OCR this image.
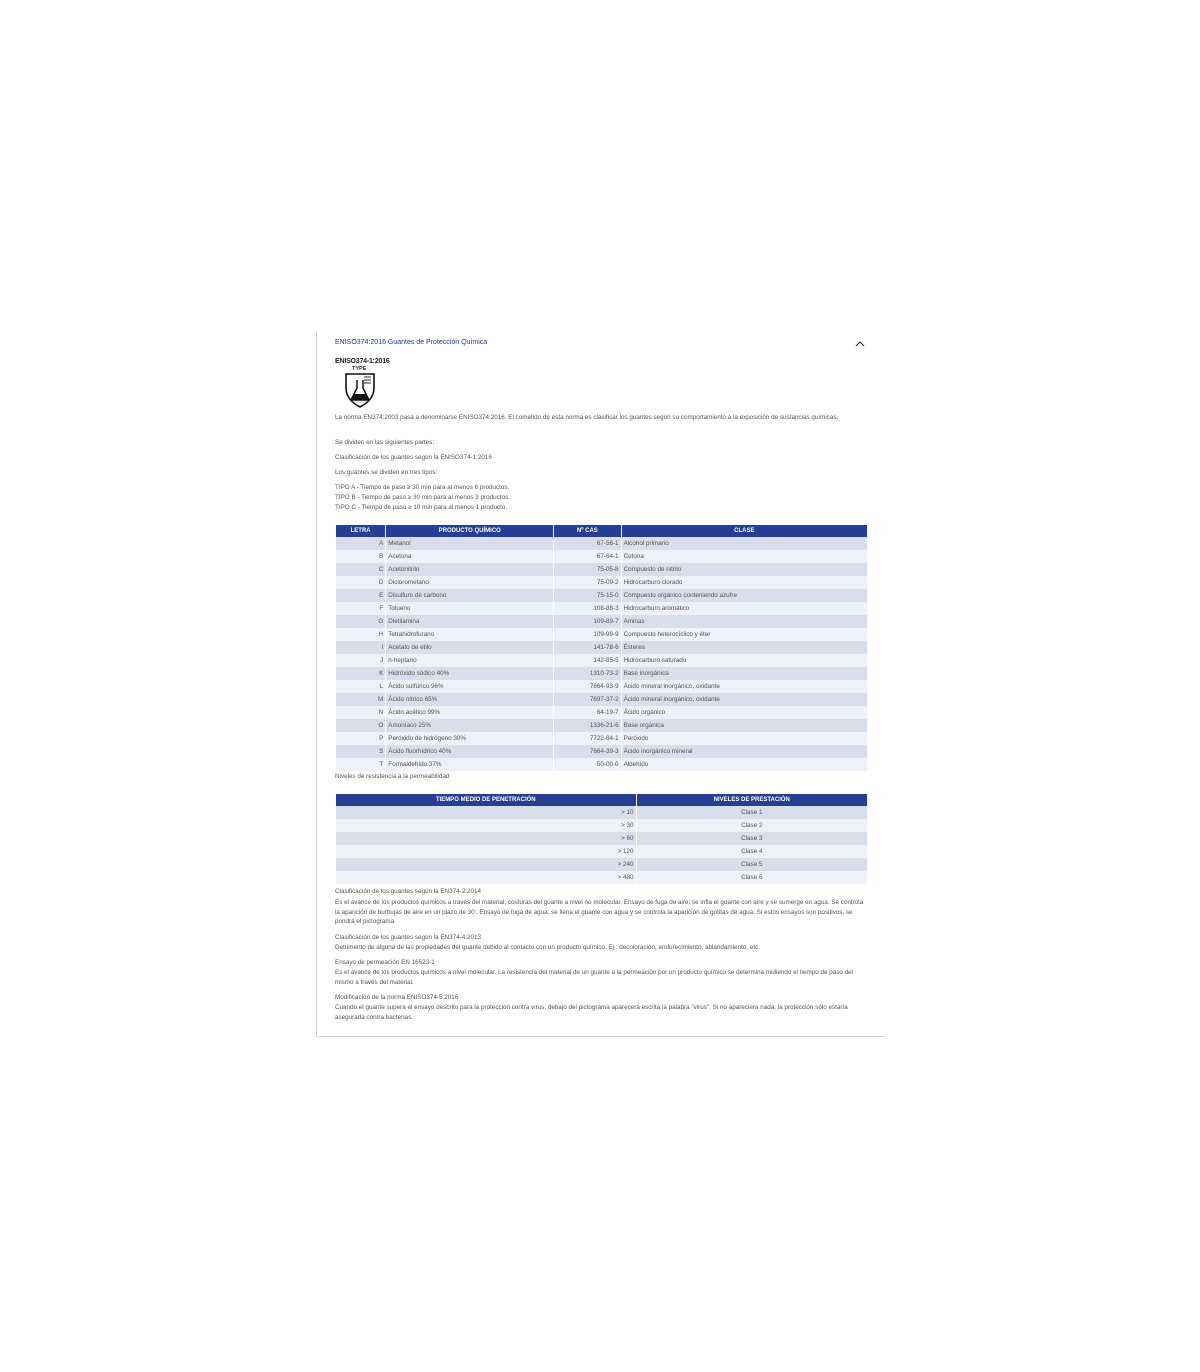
ENISO374:2016 Guantes de Protección Química
ENISO374-1:2016
TYPE

La norma EN374:2003 pasa a denominarse ENISO374:2016. El cometido de esta norma es clasificar los guantes según su comportamiento a la exposición de sustancias químicas.

Se dividen en las siguientes partes:

Clasificación de los guantes según la ENISO374-1:2016

Los guantes se dividen en tres tipos:

TIPO A - Tiempo de paso ≥ 30 min para al menos 6 productos.

TIPO B - Tiempo de paso ≥ 30 min para al menos 3 productos.

TIPO C - Tiempo de paso ≥ 10 min para al menos 1 producto.

LETRA	PRODUCTO QUÍMICO	Nº CAS	CLASE
A	Metanol	67-56-1	Alcohol primario
B	Acetona	67-64-1	Cetona
C	Acetonitrilo	75-05-8	Compuesto de nitrilo
D	Diclorometano	75-09-2	Hidrocarburo clorado
E	Disulfuro de carbono	75-15-0	Compuesto orgánico conteniendo azufre
F	Tolueno	108-88-3	Hidrocarburo aromático
G	Dietilamina	109-89-7	Aminas
H	Tetrahidrofurano	109-99-9	Compuesto heterocíclico y éter
I	Acetato de etilo	141-78-6	Ésteres
J	n-heptano	142-85-5	Hidrocarburo saturado
K	Hidróxido sódico 40%	1310-73-2	Base inorgánica
L	Ácido sulfúrico 96%	7664-93-9	Ácido mineral inorgánico, oxidante
M	Ácido nítrico 65%	7697-37-2	Ácido mineral inorgánico, oxidante
N	Ácido acético 99%	64-19-7	Ácido orgánico
O	Amoníaco 25%	1336-21-6	Base orgánica
P	Peróxido de hidrógeno 30%	7722-84-1	Peróxido
S	Ácido fluorhídrico 40%	7664-39-3	Ácido inorgánico mineral
T	Formaldehído 37%	50-00-0	Aldehído

Niveles de resistencia a la permeabilidad

TIEMPO MEDIO DE PENETRACIÓN	NIVELES DE PRESTACIÓN
> 10	Clase 1
> 30	Clase 2
> 60	Clase 3
> 120	Clase 4
> 240	Clase 5
> 480	Clase 6

Clasificación de los guantes según la EN374-2:2014

Es el avance de los productos químicos a través del material, costuras del guante a nivel no molecular. Ensayo de fuga de aire: se infla el guante con aire y se sumerge en agua. Se controla la aparición de burbujas de aire en un plazo de 30'. Ensayo de fuga de agua: se llena el guante con agua y se controla la aparición de gotitas de agua. Si estos ensayos son positivos, se pondrá el pictograma.

Clasificación de los guantes según la EN374-4:2013

Detrimento de alguna de las propiedades del guante debido al contacto con un producto químico. Ej.: decoloración, endurecimiento, ablandamiento, etc.

Ensayo de permeación EN 16523-1

Es el avance de los productos químicos a nivel molecular. La resistencia del material de un guante a la permeación por un producto químico se determina midiendo el tiempo de paso del mismo a través del material.

Modificación de la norma ENISO374-5:2016

Cuando el guante supera el ensayo descrito para la protección contra virus, debajo del pictograma aparecerá escrita la palabra "virus". Si no apareciera nada, la protección sólo estaría asegurada contra bacterias.
